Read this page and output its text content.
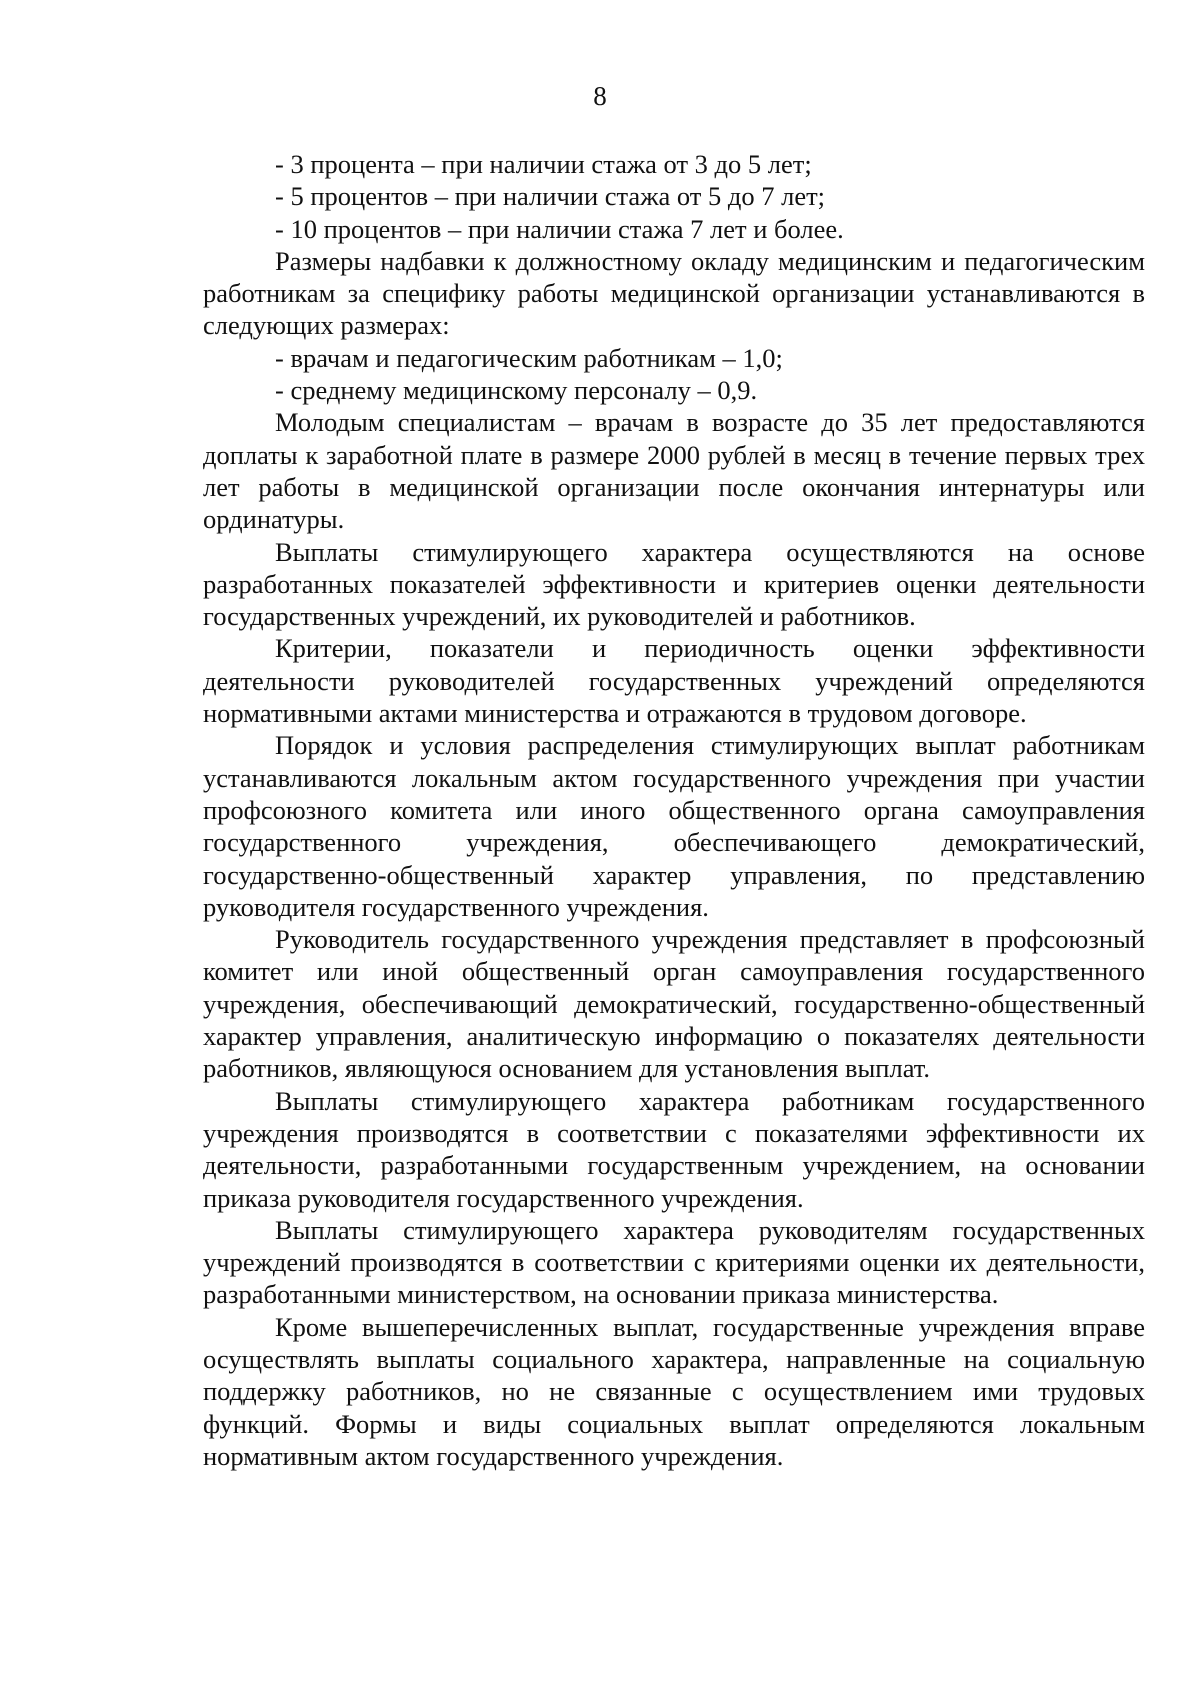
8

- 3 процента – при наличии стажа от 3 до 5 лет;

- 5 процентов – при наличии стажа от 5 до 7 лет;

- 10 процентов – при наличии стажа 7 лет и более.

Размеры надбавки к должностному окладу медицинским и педагогическим работникам за специфику работы медицинской организации устанавливаются в следующих размерах:

- врачам и педагогическим работникам – 1,0;

- среднему медицинскому персоналу – 0,9.

Молодым специалистам – врачам в возрасте до 35 лет предоставляются доплаты к заработной плате в размере 2000 рублей в месяц в течение первых трех лет работы в медицинской организации после окончания интернатуры или ординатуры.

Выплаты стимулирующего характера осуществляются на основе разработанных показателей эффективности и критериев оценки деятельности государственных учреждений, их руководителей и работников.

Критерии, показатели и периодичность оценки эффективности деятельности руководителей государственных учреждений определяются нормативными актами министерства и отражаются в трудовом договоре.

Порядок и условия распределения стимулирующих выплат работникам устанавливаются локальным актом государственного учреждения при участии профсоюзного комитета или иного общественного органа самоуправления государственного учреждения, обеспечивающего демократический, государственно-общественный характер управления, по представлению руководителя государственного учреждения.

Руководитель государственного учреждения представляет в профсоюзный комитет или иной общественный орган самоуправления государственного учреждения, обеспечивающий демократический, государственно-общественный характер управления, аналитическую информацию о показателях деятельности работников, являющуюся основанием для установления выплат.

Выплаты стимулирующего характера работникам государственного учреждения производятся в соответствии с показателями эффективности их деятельности, разработанными государственным учреждением, на основании приказа руководителя государственного учреждения.

Выплаты стимулирующего характера руководителям государственных учреждений производятся в соответствии с критериями оценки их деятельности, разработанными министерством, на основании приказа министерства.

Кроме вышеперечисленных выплат, государственные учреждения вправе осуществлять выплаты социального характера, направленные на социальную поддержку работников, но не связанные с осуществлением ими трудовых функций. Формы и виды социальных выплат определяются локальным нормативным актом государственного учреждения.
